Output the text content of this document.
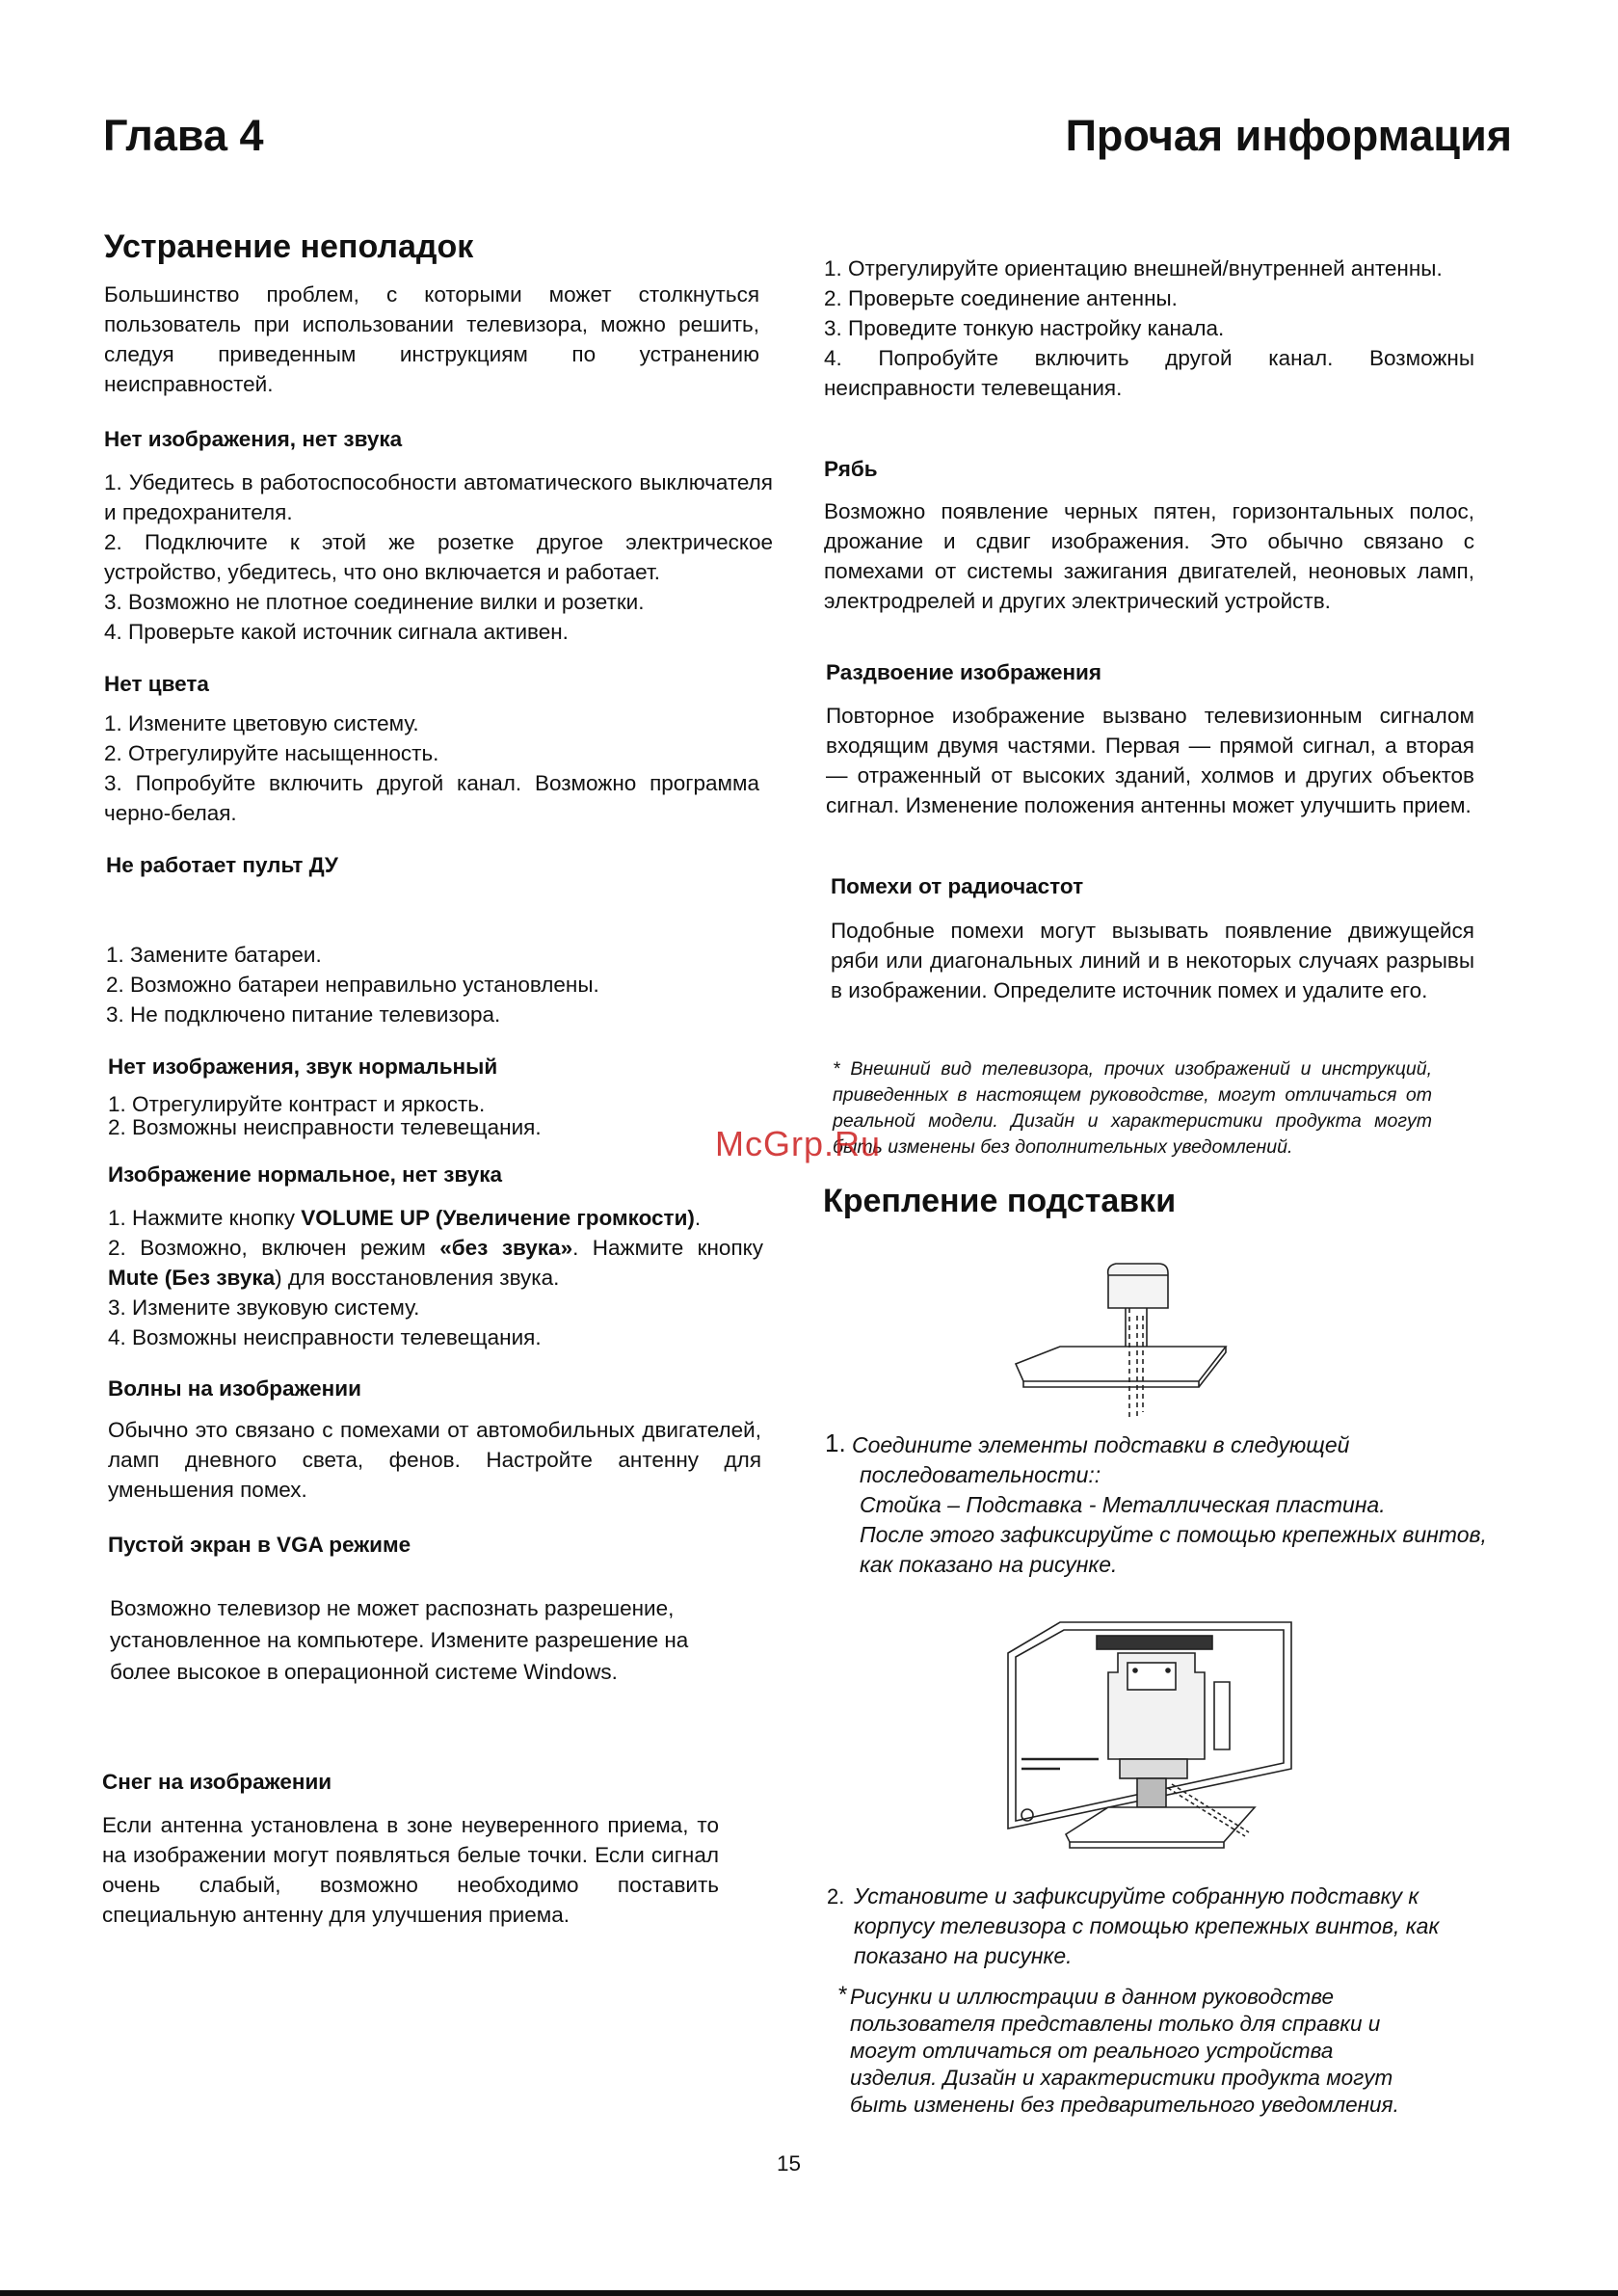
Глава 4	Прочая информация
Устранение неполадок
Большинство проблем, с которыми может столкнуться пользователь при использовании телевизора, можно решить, следуя приведенным инструкциям по устранению неисправностей.
Нет изображения, нет звука
1. Убедитесь в работоспособности автоматического выключателя и предохранителя.
2. Подключите к этой же розетке другое электрическое устройство, убедитесь, что оно включается и работает.
3. Возможно не плотное соединение вилки и розетки.
4. Проверьте какой источник сигнала активен.
Нет цвета
1. Измените цветовую систему.
2. Отрегулируйте насыщенность.
3. Попробуйте включить другой канал. Возможно программа черно-белая.
Не работает пульт ДУ
1. Замените батареи.
2. Возможно батареи неправильно установлены.
3. Не подключено питание телевизора.
Нет изображения, звук нормальный
1. Отрегулируйте контраст и яркость.
2. Возможны неисправности телевещания.
Изображение нормальное, нет звука
1. Нажмите кнопку VOLUME UP (Увеличение громкости).
2. Возможно, включен режим «без звука». Нажмите кнопку Mute (Без звука) для восстановления звука.
3. Измените звуковую систему.
4. Возможны неисправности телевещания.
Волны на изображении
Обычно это связано с помехами от автомобильных двигателей, ламп дневного света, фенов. Настройте антенну для уменьшения помех.
Пустой экран в VGA режиме
Возможно телевизор не может распознать разрешение, установленное на компьютере. Измените разрешение на более высокое в операционной системе Windows.
Снег на изображении
Если антенна установлена в зоне неуверенного приема, то на изображении могут появляться белые точки. Если сигнал очень слабый, возможно необходимо поставить специальную антенну для улучшения приема.
1. Отрегулируйте ориентацию внешней/внутренней антенны.
2. Проверьте соединение антенны.
3. Проведите тонкую настройку канала.
4. Попробуйте включить другой канал. Возможны неисправности телевещания.
Рябь
Возможно появление черных пятен, горизонтальных полос, дрожание и сдвиг изображения. Это обычно связано с помехами от системы зажигания двигателей, неоновых ламп, электродрелей и других электрический устройств.
Раздвоение изображения
Повторное изображение вызвано телевизионным сигналом входящим двумя частями. Первая — прямой сигнал, а вторая — отраженный от высоких зданий, холмов и других объектов сигнал. Изменение положения антенны может улучшить прием.
Помехи от радиочастот
Подобные помехи могут вызывать появление движущейся ряби или диагональных линий и в некоторых случаях разрывы в изображении. Определите источник помех и удалите его.
* Внешний вид телевизора, прочих изображений и инструкций, приведенных в настоящем руководстве, могут отличаться от реальной модели. Дизайн и характеристики продукта могут быть изменены без дополнительных уведомлений.
McGrp.Ru
Крепление подставки
1. Соедините элементы подставки в следующей
последовательности::
Стойка – Подставка - Металлическая пластина.
После этого зафиксируйте с помощью крепежных винтов,
как показано на рисунке.
2. Установите и зафиксируйте собранную подставку к
корпусу телевизора с помощью крепежных винтов, как
показано на рисунке.
* Рисунки и иллюстрации в данном руководстве
пользователя представлены только для справки и
могут отличаться от реального устройства
изделия. Дизайн и характеристики продукта могут
быть изменены без предварительного уведомления.
15
